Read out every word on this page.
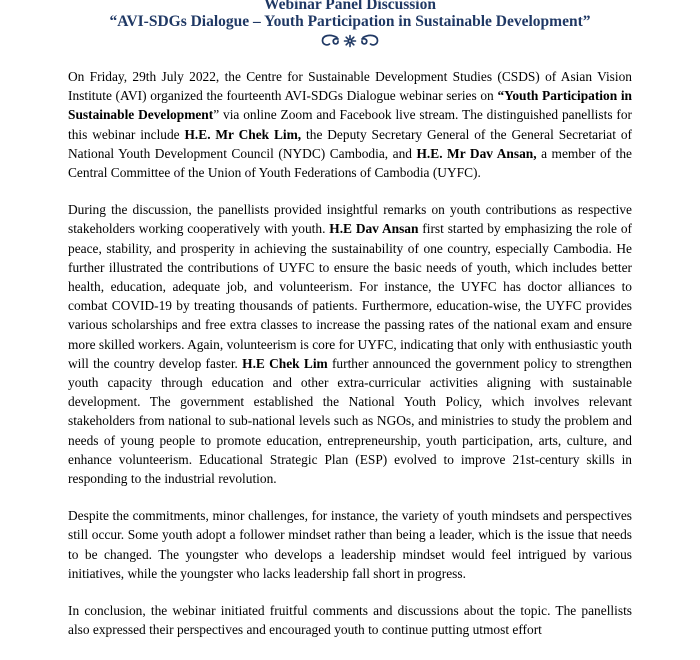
Webinar Panel Discussion
“AVI-SDGs Dialogue – Youth Participation in Sustainable Development”

On Friday, 29th July 2022, the Centre for Sustainable Development Studies (CSDS) of Asian Vision Institute (AVI) organized the fourteenth AVI-SDGs Dialogue webinar series on “Youth Participation in Sustainable Development” via online Zoom and Facebook live stream. The distinguished panellists for this webinar include H.E. Mr Chek Lim, the Deputy Secretary General of the General Secretariat of National Youth Development Council (NYDC) Cambodia, and H.E. Mr Dav Ansan, a member of the Central Committee of the Union of Youth Federations of Cambodia (UYFC).

During the discussion, the panellists provided insightful remarks on youth contributions as respective stakeholders working cooperatively with youth. H.E Dav Ansan first started by emphasizing the role of peace, stability, and prosperity in achieving the sustainability of one country, especially Cambodia. He further illustrated the contributions of UYFC to ensure the basic needs of youth, which includes better health, education, adequate job, and volunteerism. For instance, the UYFC has doctor alliances to combat COVID-19 by treating thousands of patients. Furthermore, education-wise, the UYFC provides various scholarships and free extra classes to increase the passing rates of the national exam and ensure more skilled workers. Again, volunteerism is core for UYFC, indicating that only with enthusiastic youth will the country develop faster. H.E Chek Lim further announced the government policy to strengthen youth capacity through education and other extra-curricular activities aligning with sustainable development. The government established the National Youth Policy, which involves relevant stakeholders from national to sub-national levels such as NGOs, and ministries to study the problem and needs of young people to promote education, entrepreneurship, youth participation, arts, culture, and enhance volunteerism. Educational Strategic Plan (ESP) evolved to improve 21st-century skills in responding to the industrial revolution.

Despite the commitments, minor challenges, for instance, the variety of youth mindsets and perspectives still occur. Some youth adopt a follower mindset rather than being a leader, which is the issue that needs to be changed. The youngster who develops a leadership mindset would feel intrigued by various initiatives, while the youngster who lacks leadership fall short in progress.

In conclusion, the webinar initiated fruitful comments and discussions about the topic. The panellists also expressed their perspectives and encouraged youth to continue putting utmost effort
